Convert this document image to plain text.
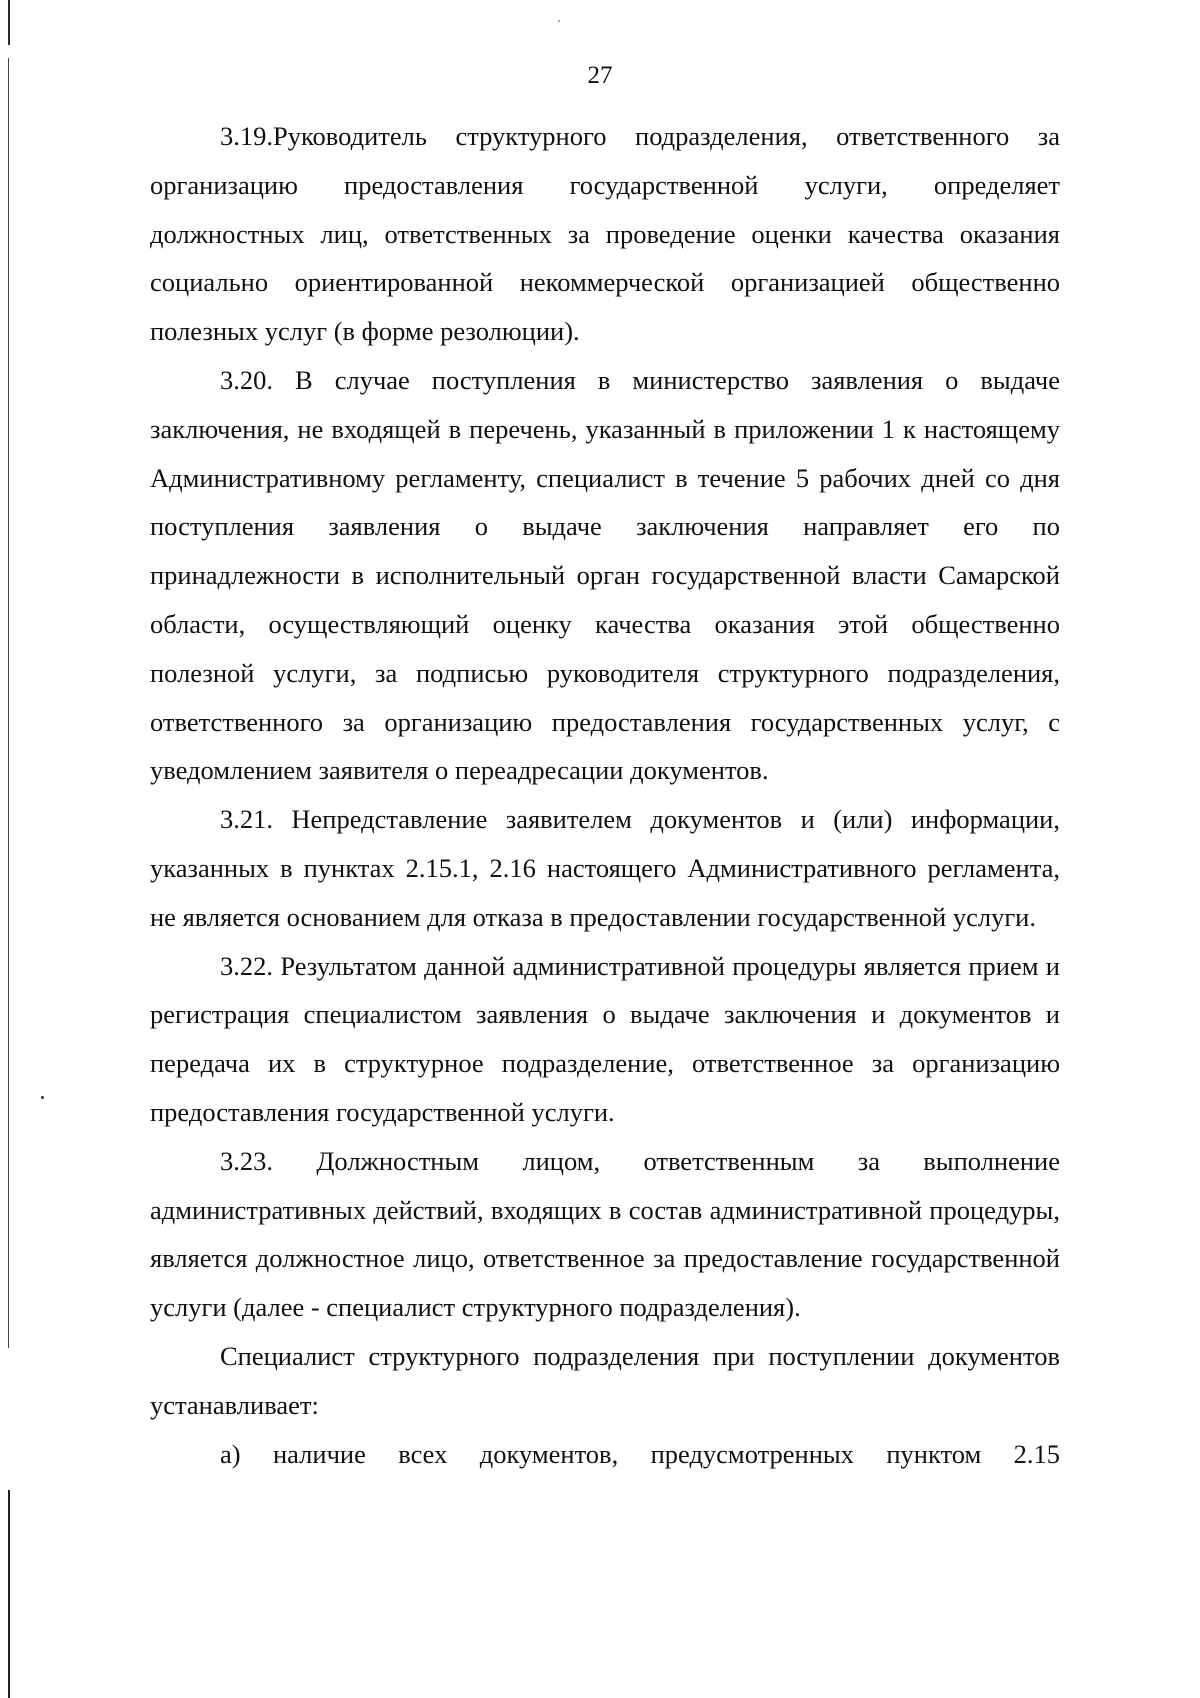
27

3.19.Руководитель структурного подразделения, ответственного за организацию предоставления государственной услуги, определяет должностных лиц, ответственных за проведение оценки качества оказания социально ориентированной некоммерческой организацией общественно полезных услуг (в форме резолюции).

3.20. В случае поступления в министерство заявления о выдаче заключения, не входящей в перечень, указанный в приложении 1 к настоящему Административному регламенту, специалист в течение 5 рабочих дней со дня поступления заявления о выдаче заключения направляет его по принадлежности в исполнительный орган государственной власти Самарской области, осуществляющий оценку качества оказания этой общественно полезной услуги, за подписью руководителя структурного подразделения, ответственного за организацию предоставления государственных услуг, с уведомлением заявителя о переадресации документов.

3.21. Непредставление заявителем документов и (или) информации, указанных в пунктах 2.15.1, 2.16 настоящего Административного регламента, не является основанием для отказа в предоставлении государственной услуги.

3.22. Результатом данной административной процедуры является прием и регистрация специалистом заявления о выдаче заключения и документов и передача их в структурное подразделение, ответственное за организацию предоставления государственной услуги.

3.23. Должностным лицом, ответственным за выполнение административных действий, входящих в состав административной процедуры, является должностное лицо, ответственное за предоставление государственной услуги (далее - специалист структурного подразделения).

Специалист структурного подразделения при поступлении документов устанавливает:

а) наличие всех документов, предусмотренных пунктом 2.15
